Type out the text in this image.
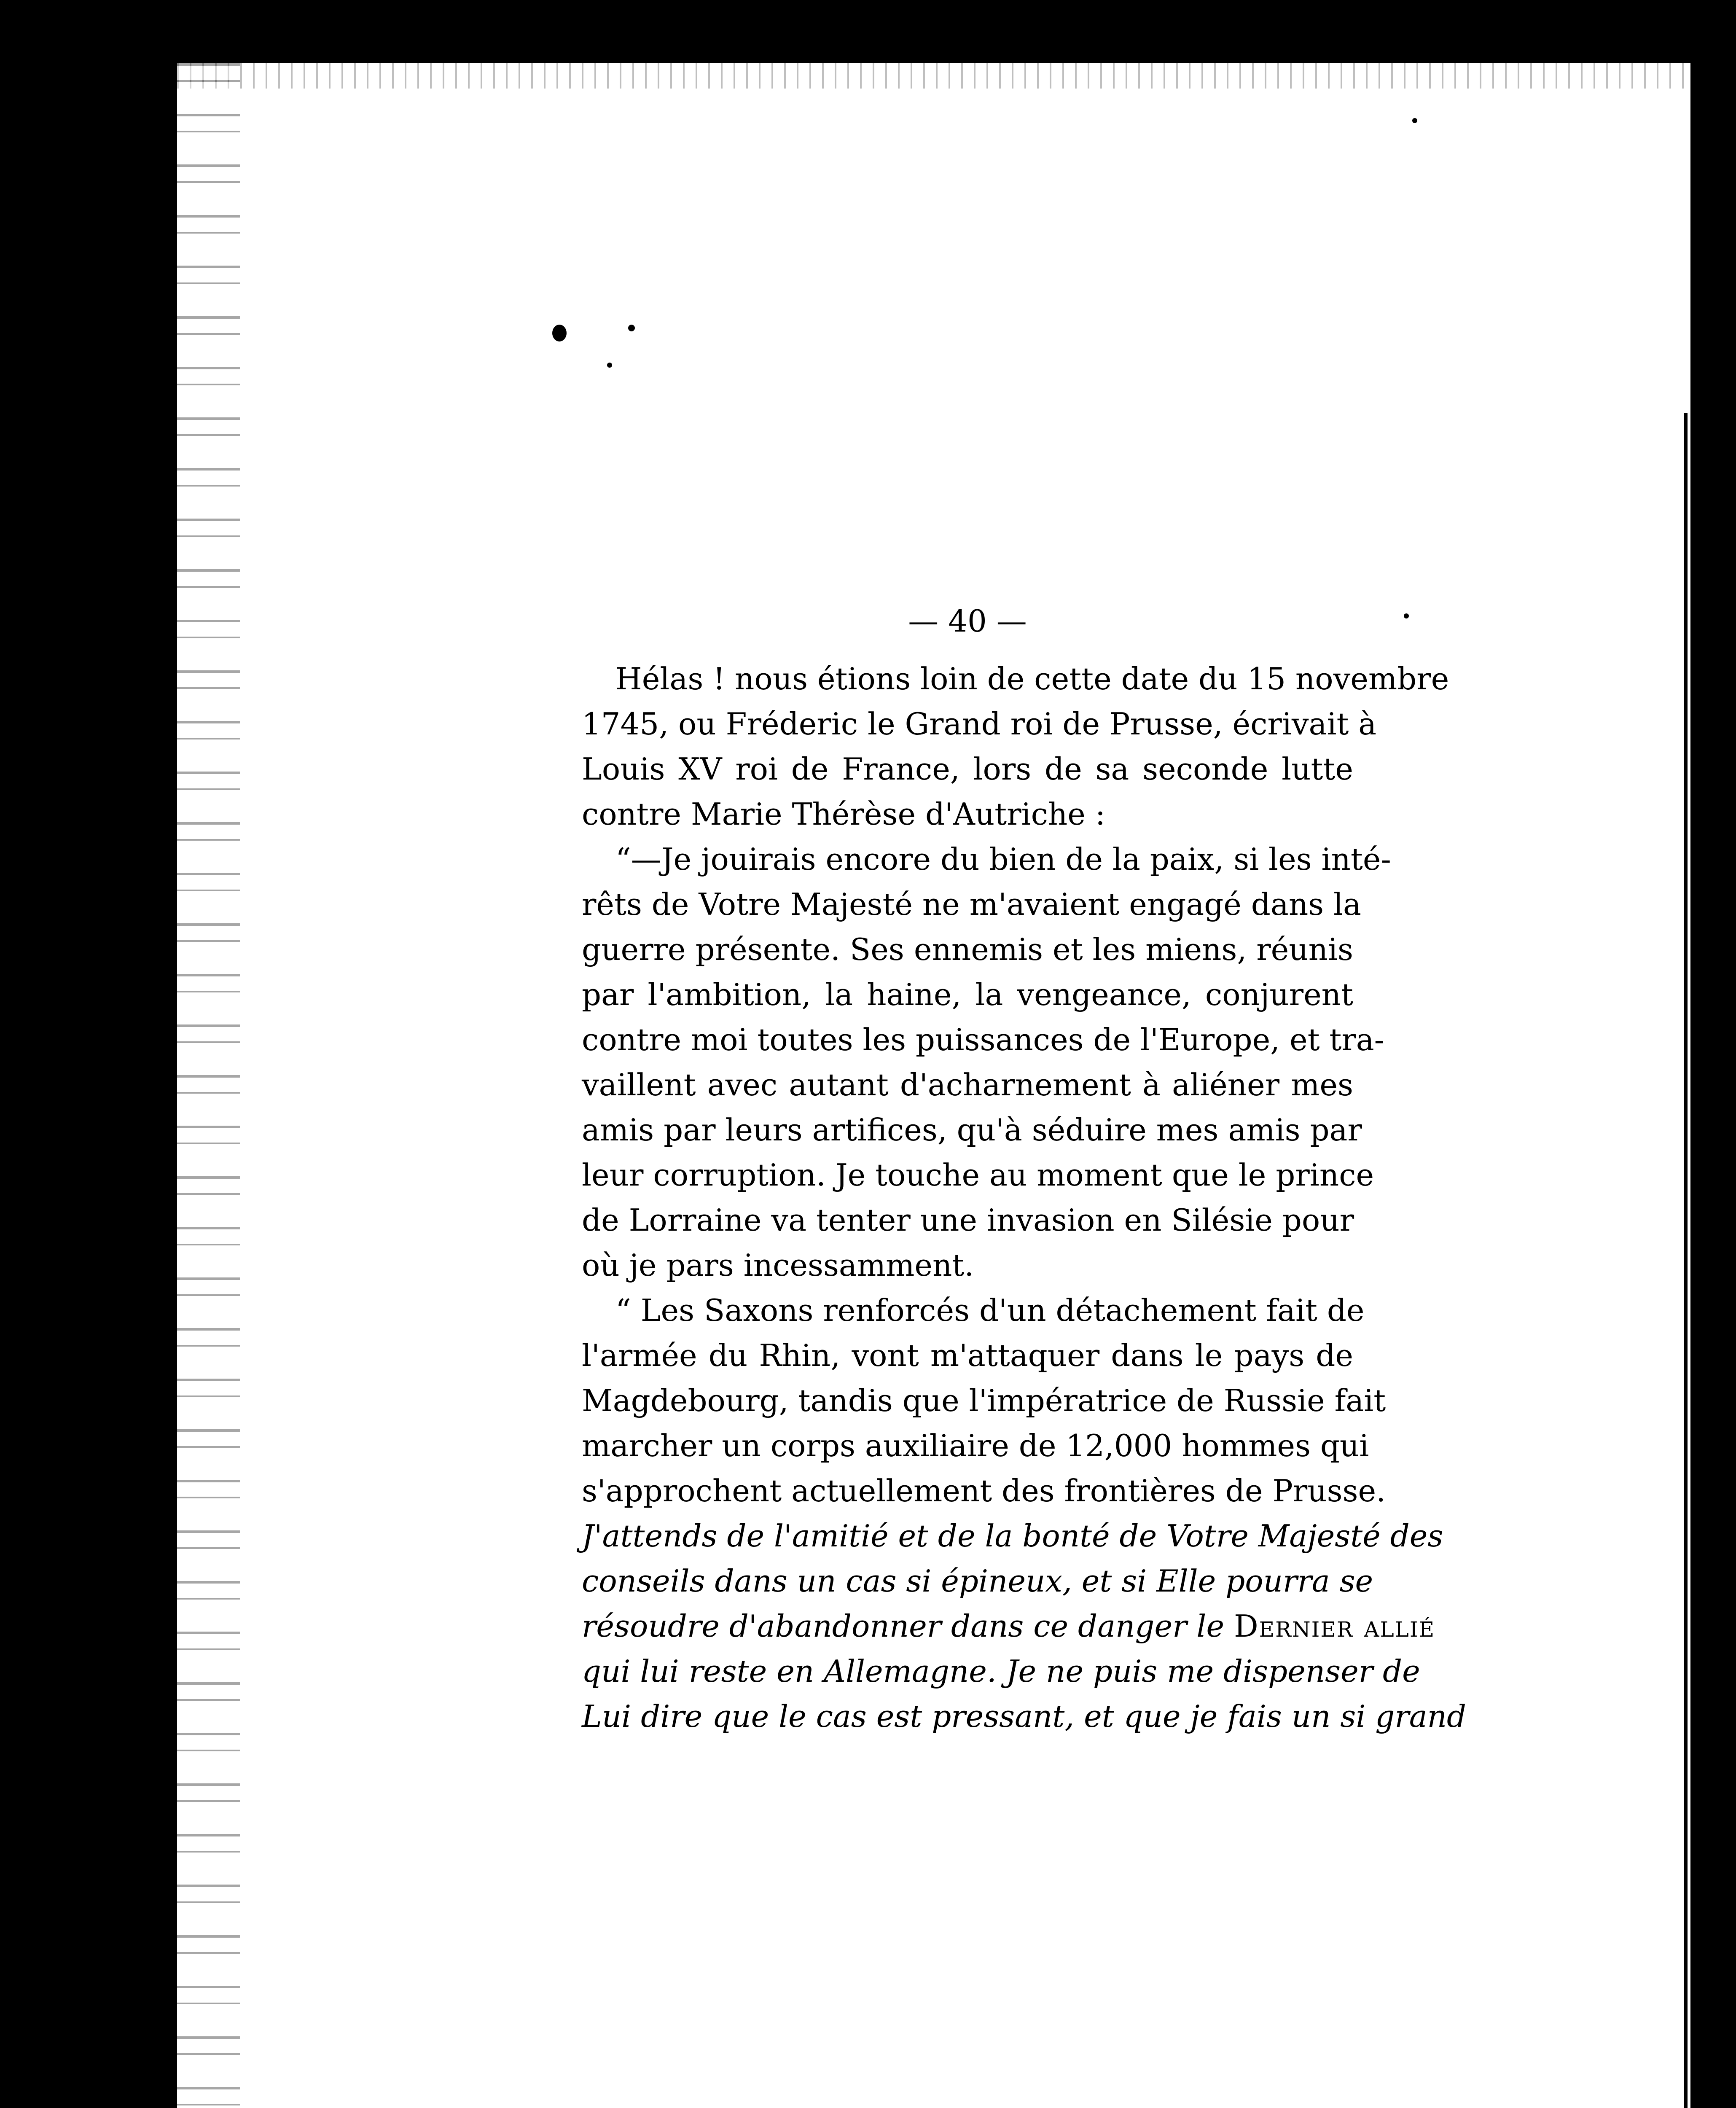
— 40 —
Hélas ! nous étions loin de cette date du 15 novembre
1745, ou Fréderic le Grand roi de Prusse, écrivait à
Louis XV roi de France, lors de sa seconde lutte
contre Marie Thérèse d'Autriche :
“—Je jouirais encore du bien de la paix, si les inté-
rêts de Votre Majesté ne m'avaient engagé dans la
guerre présente. Ses ennemis et les miens, réunis
par l'ambition, la haine, la vengeance, conjurent
contre moi toutes les puissances de l'Europe, et tra-
vaillent avec autant d'acharnement à aliéner mes
amis par leurs artifices, qu'à séduire mes amis par
leur corruption. Je touche au moment que le prince
de Lorraine va tenter une invasion en Silésie pour
où je pars incessamment.
“ Les Saxons renforcés d'un détachement fait de
l'armée du Rhin, vont m'attaquer dans le pays de
Magdebourg, tandis que l'impératrice de Russie fait
marcher un corps auxiliaire de 12,000 hommes qui
s'approchent actuellement des frontières de Prusse.
J'attends de l'amitié et de la bonté de Votre Majesté des
conseils dans un cas si épineux, et si Elle pourra se
résoudre d'abandonner dans ce danger le Dernier allié
qui lui reste en Allemagne. Je ne puis me dispenser de
Lui dire que le cas est pressant, et que je fais un si grand
